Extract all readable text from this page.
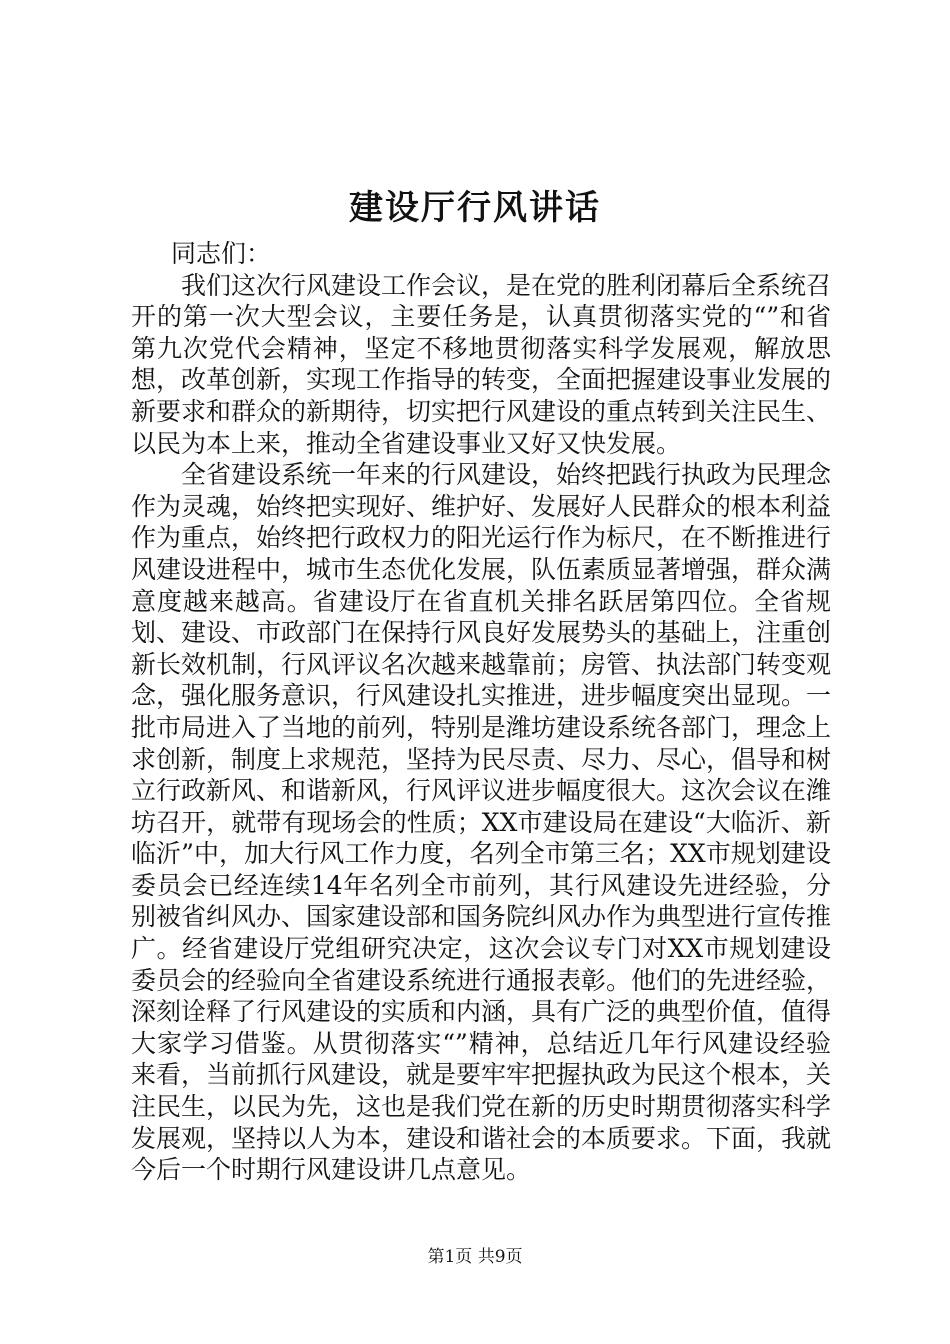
建设厅行风讲话

同志们：

我们这次行风建设工作会议，是在党的胜利闭幕后全系统召开的第一次大型会议，主要任务是，认真贯彻落实党的“”和省第九次党代会精神，坚定不移地贯彻落实科学发展观，解放思想，改革创新，实现工作指导的转变，全面把握建设事业发展的新要求和群众的新期待，切实把行风建设的重点转到关注民生、以民为本上来，推动全省建设事业又好又快发展。

全省建设系统一年来的行风建设，始终把践行执政为民理念作为灵魂，始终把实现好、维护好、发展好人民群众的根本利益作为重点，始终把行政权力的阳光运行作为标尺，在不断推进行风建设进程中，城市生态优化发展，队伍素质显著增强，群众满意度越来越高。省建设厅在省直机关排名跃居第四位。全省规划、建设、市政部门在保持行风良好发展势头的基础上，注重创新长效机制，行风评议名次越来越靠前；房管、执法部门转变观念，强化服务意识，行风建设扎实推进，进步幅度突出显现。一批市局进入了当地的前列，特别是潍坊建设系统各部门，理念上求创新，制度上求规范，坚持为民尽责、尽力、尽心，倡导和树立行政新风、和谐新风，行风评议进步幅度很大。这次会议在潍坊召开，就带有现场会的性质；XX市建设局在建设“大临沂、新临沂”中，加大行风工作力度，名列全市第三名；XX市规划建设委员会已经连续14年名列全市前列，其行风建设先进经验，分别被省纠风办、国家建设部和国务院纠风办作为典型进行宣传推广。经省建设厅党组研究决定，这次会议专门对XX市规划建设委员会的经验向全省建设系统进行通报表彰。他们的先进经验，深刻诠释了行风建设的实质和内涵，具有广泛的典型价值，值得大家学习借鉴。从贯彻落实“”精神，总结近几年行风建设经验来看，当前抓行风建设，就是要牢牢把握执政为民这个根本，关注民生，以民为先，这也是我们党在新的历史时期贯彻落实科学发展观，坚持以人为本，建设和谐社会的本质要求。下面，我就今后一个时期行风建设讲几点意见。

第1页 共9页
